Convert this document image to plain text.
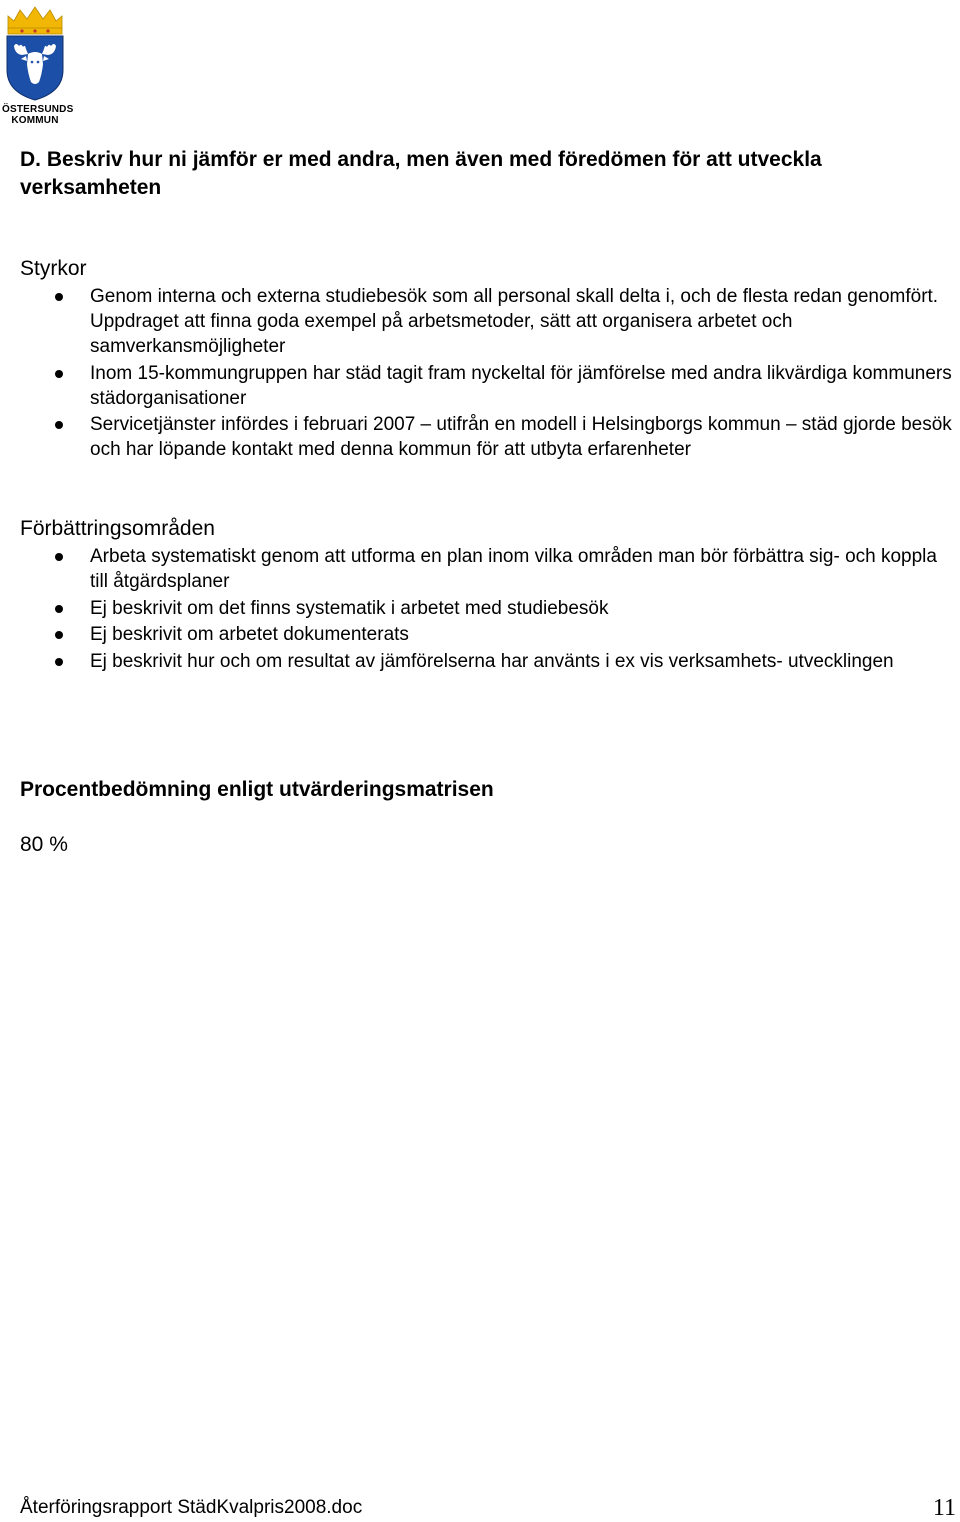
ÖSTERSUNDS
KOMMUN
D. Beskriv hur ni jämför er med andra, men även med föredömen för att utveckla verksamheten
Styrkor
Genom interna och externa studiebesök som all personal skall delta i, och de flesta redan genomfört. Uppdraget att finna goda exempel på arbetsmetoder, sätt att organisera arbetet och samverkansmöjligheter
Inom 15-kommungruppen har städ tagit fram nyckeltal för jämförelse med andra likvärdiga kommuners städorganisationer
Servicetjänster infördes i februari 2007 – utifrån en modell i Helsingborgs kommun – städ gjorde besök och har löpande kontakt med denna kommun för att utbyta erfarenheter
Förbättringsområden
Arbeta systematiskt genom att utforma en plan inom vilka områden man bör förbättra sig- och koppla till åtgärdsplaner
Ej beskrivit om det finns systematik i arbetet med studiebesök
Ej beskrivit om arbetet dokumenterats
Ej beskrivit hur och om resultat av jämförelserna har använts i ex vis verksamhets- utvecklingen
Procentbedömning enligt utvärderingsmatrisen
80 %
Återföringsrapport StädKvalpris2008.doc	11
